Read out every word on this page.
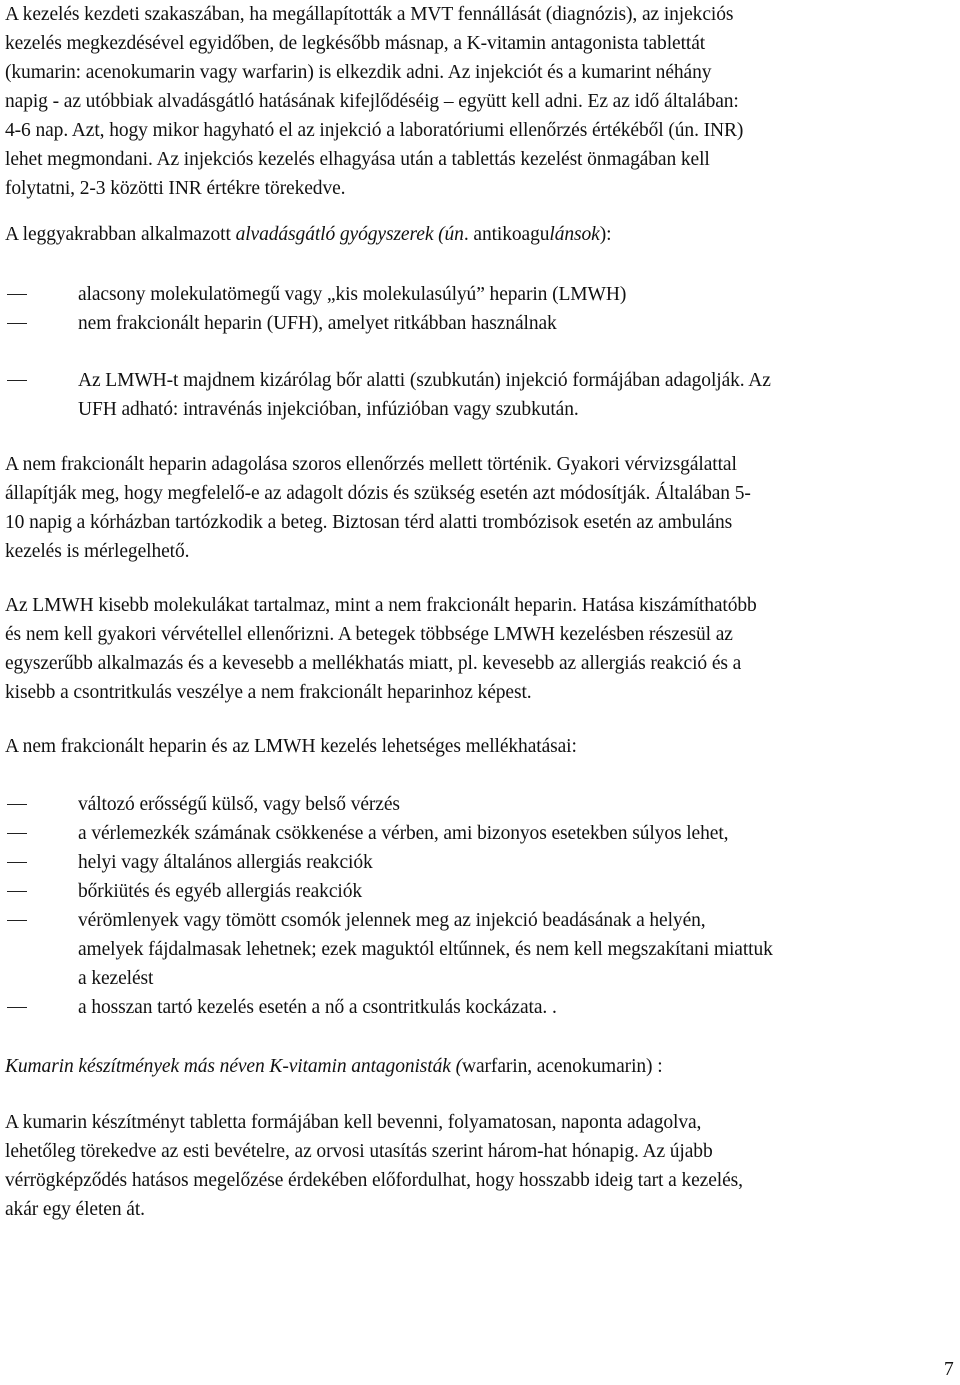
A kezelés kezdeti szakaszában, ha megállapították a MVT fennállását (diagnózis), az injekciós
kezelés megkezdésével egyidőben, de legkésőbb másnap, a K-vitamin antagonista tablettát
(kumarin: acenokumarin vagy warfarin) is elkezdik adni. Az injekciót és a kumarint néhány
napig - az utóbbiak alvadásgátló hatásának kifejlődéséig ‒ együtt kell adni. Ez az idő általában:
4-6 nap. Azt, hogy mikor hagyható el az injekció a laboratóriumi ellenőrzés értékéből (ún. INR)
lehet megmondani. Az injekciós kezelés elhagyása után a tablettás kezelést önmagában kell
folytatni, 2-3 közötti INR értékre törekedve.

A leggyakrabban alkalmazott alvadásgátló gyógyszerek (ún. antikoagulánsok):

alacsony molekulatömegű vagy „kis molekulasúlyú” heparin (LMWH)
nem frakcionált heparin (UFH), amelyet ritkábban használnak
Az LMWH-t majdnem kizárólag bőr alatti (szubkután) injekció formájában adagolják. Az
UFH adható: intravénás injekcióban, infúzióban vagy szubkután.

A nem frakcionált heparin adagolása szoros ellenőrzés mellett történik. Gyakori vérvizsgálattal
állapítják meg, hogy megfelelő-e az adagolt dózis és szükség esetén azt módosítják. Általában 5-
10 napig a kórházban tartózkodik a beteg. Biztosan térd alatti trombózisok esetén az ambuláns
kezelés is mérlegelhető.

Az LMWH kisebb molekulákat tartalmaz, mint a nem frakcionált heparin. Hatása kiszámíthatóbb
és nem kell gyakori vérvétellel ellenőrizni. A betegek többsége LMWH kezelésben részesül az
egyszerűbb alkalmazás és a kevesebb a mellékhatás miatt, pl. kevesebb az allergiás reakció és a
kisebb a csontritkulás veszélye a nem frakcionált heparinhoz képest.

A nem frakcionált heparin és az LMWH kezelés lehetséges mellékhatásai:

változó erősségű külső, vagy belső vérzés
a vérlemezkék számának csökkenése a vérben, ami bizonyos esetekben súlyos lehet,
helyi vagy általános allergiás reakciók
bőrkiütés és egyéb allergiás reakciók
vérömlenyek vagy tömött csomók jelennek meg az injekció beadásának a helyén,
amelyek fájdalmasak lehetnek; ezek maguktól eltűnnek, és nem kell megszakítani miattuk
a kezelést
a hosszan tartó kezelés esetén a nő a csontritkulás kockázata. .

Kumarin készítmények más néven K-vitamin antagonisták (warfarin, acenokumarin) :

A kumarin készítményt tabletta formájában kell bevenni, folyamatosan, naponta adagolva,
lehetőleg törekedve az esti bevételre, az orvosi utasítás szerint három-hat hónapig. Az újabb
vérrögképződés hatásos megelőzése érdekében előfordulhat, hogy hosszabb ideig tart a kezelés,
akár egy életen át.

7
